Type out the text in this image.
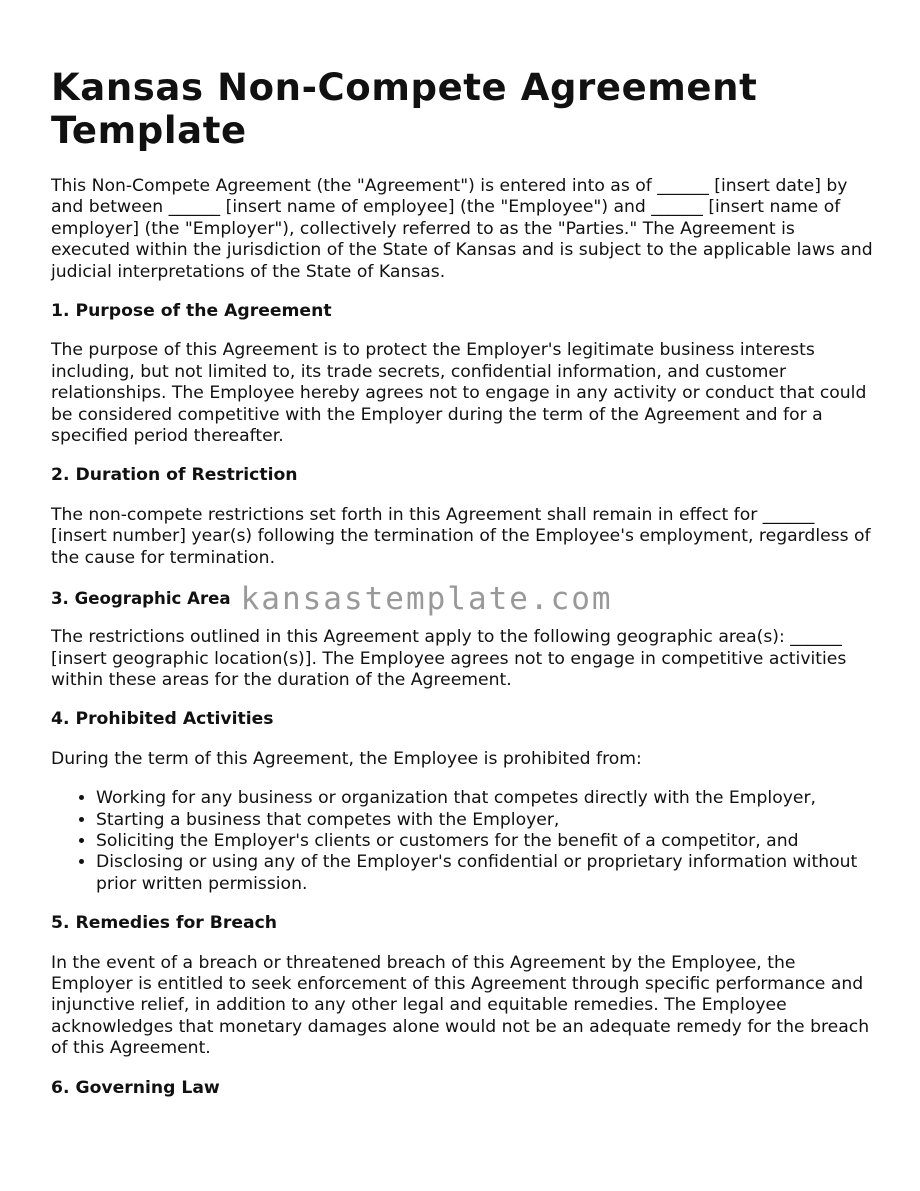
Kansas Non-Compete Agreement Template

This Non-Compete Agreement (the "Agreement") is entered into as of ______ [insert date] by and between ______ [insert name of employee] (the "Employee") and ______ [insert name of employer] (the "Employer"), collectively referred to as the "Parties." The Agreement is executed within the jurisdiction of the State of Kansas and is subject to the applicable laws and judicial interpretations of the State of Kansas.

1. Purpose of the Agreement

The purpose of this Agreement is to protect the Employer's legitimate business interests including, but not limited to, its trade secrets, confidential information, and customer relationships. The Employee hereby agrees not to engage in any activity or conduct that could be considered competitive with the Employer during the term of the Agreement and for a specified period thereafter.

2. Duration of Restriction

The non-compete restrictions set forth in this Agreement shall remain in effect for ______ [insert number] year(s) following the termination of the Employee's employment, regardless of the cause for termination.

3. Geographic Area kansastemplate.com

The restrictions outlined in this Agreement apply to the following geographic area(s): ______ [insert geographic location(s)]. The Employee agrees not to engage in competitive activities within these areas for the duration of the Agreement.

4. Prohibited Activities

During the term of this Agreement, the Employee is prohibited from:

• Working for any business or organization that competes directly with the Employer,
• Starting a business that competes with the Employer,
• Soliciting the Employer's clients or customers for the benefit of a competitor, and
• Disclosing or using any of the Employer's confidential or proprietary information without prior written permission.
5. Remedies for Breach

In the event of a breach or threatened breach of this Agreement by the Employee, the Employer is entitled to seek enforcement of this Agreement through specific performance and injunctive relief, in addition to any other legal and equitable remedies. The Employee acknowledges that monetary damages alone would not be an adequate remedy for the breach of this Agreement.

6. Governing Law
